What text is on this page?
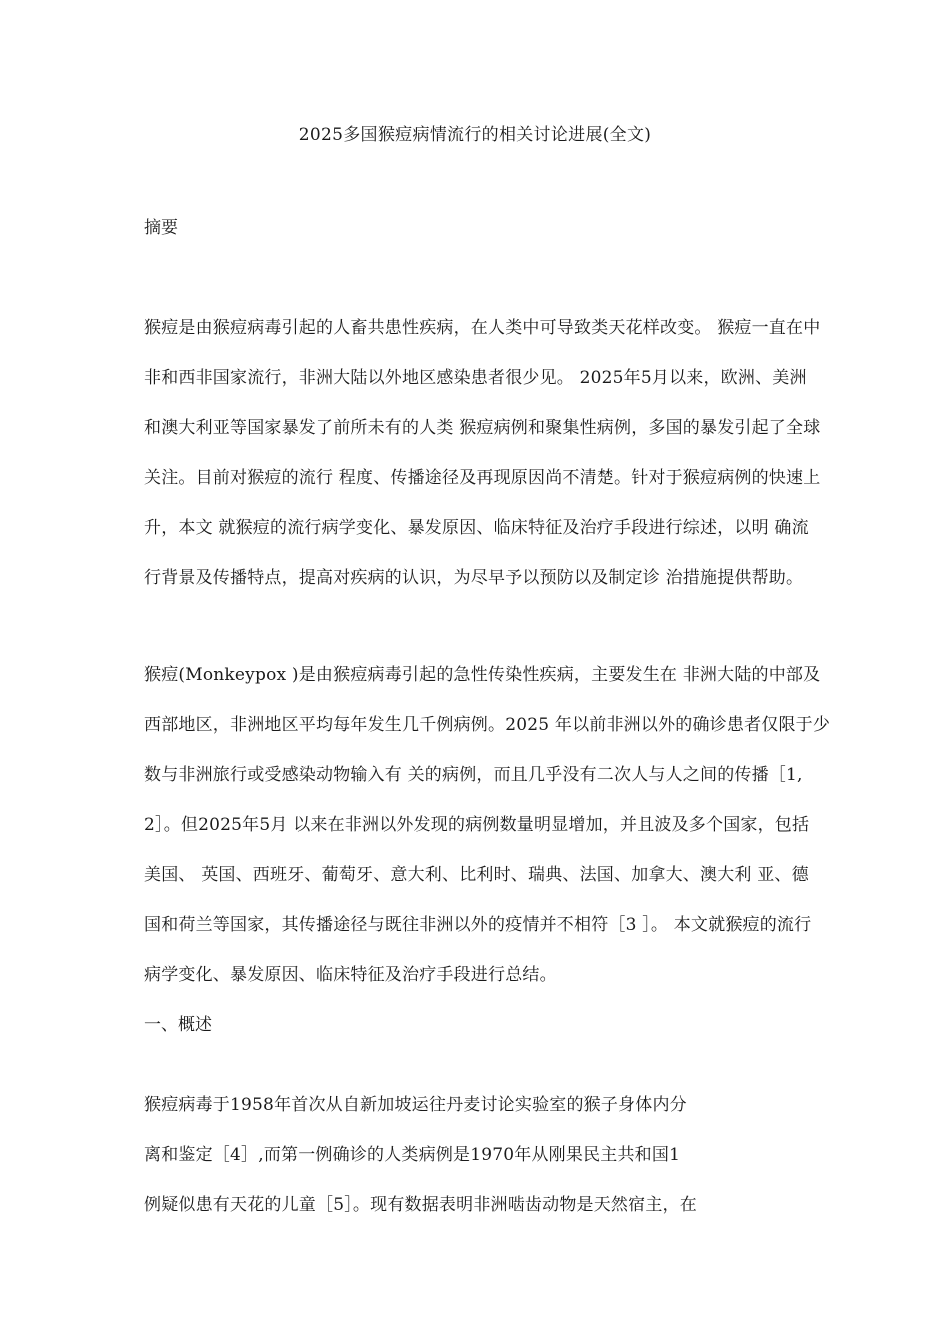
2025多国猴痘病情流行的相关讨论进展(全文)
摘要
猴痘是由猴痘病毒引起的人畜共患性疾病，在人类中可导致类天花样改变。 猴痘一直在中
非和西非国家流行，非洲大陆以外地区感染患者很少见。 2025年5月以来，欧洲、美洲
和澳大利亚等国家暴发了前所未有的人类 猴痘病例和聚集性病例，多国的暴发引起了全球
关注。目前对猴痘的流行 程度、传播途径及再现原因尚不清楚。针对于猴痘病例的快速上
升，本文 就猴痘的流行病学变化、暴发原因、临床特征及治疗手段进行综述，以明 确流
行背景及传播特点，提高对疾病的认识，为尽早予以预防以及制定诊 治措施提供帮助。
猴痘(Monkeypox )是由猴痘病毒引起的急性传染性疾病，主要发生在 非洲大陆的中部及
西部地区，非洲地区平均每年发生几千例病例。2025 年以前非洲以外的确诊患者仅限于少
数与非洲旅行或受感染动物输入有 关的病例，而且几乎没有二次人与人之间的传播［1,
2］。但2025年5月 以来在非洲以外发现的病例数量明显增加，并且波及多个国家，包括
美国、 英国、西班牙、葡萄牙、意大利、比利时、瑞典、法国、加拿大、澳大利 亚、德
国和荷兰等国家，其传播途径与既往非洲以外的疫情并不相符［3 ］。 本文就猴痘的流行
病学变化、暴发原因、临床特征及治疗手段进行总结。
一、概述
猴痘病毒于1958年首次从自新加坡运往丹麦讨论实验室的猴子身体内分
离和鉴定［4］,而第一例确诊的人类病例是1970年从刚果民主共和国1
例疑似患有天花的儿童［5］。现有数据表明非洲啮齿动物是天然宿主，在
